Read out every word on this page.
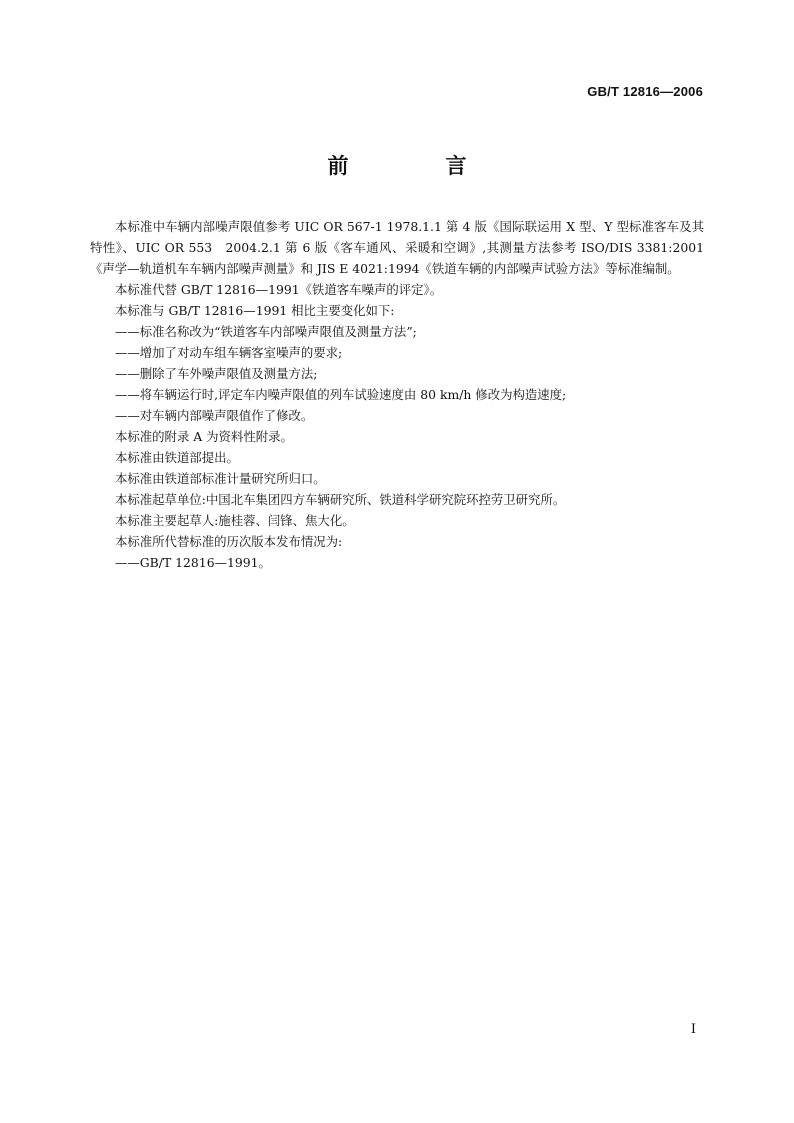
GB/T 12816—2006
前　言

本标准中车辆内部噪声限值参考 UIC OR 567-1 1978.1.1 第 4 版《国际联运用 X 型、Y 型标准客车及其特性》、UIC OR 553　2004.2.1 第 6 版《客车通风、采暖和空调》,其测量方法参考 ISO/DIS 3381:2001《声学—轨道机车车辆内部噪声测量》和 JIS E 4021:1994《铁道车辆的内部噪声试验方法》等标准编制。

本标准代替 GB/T 12816—1991《铁道客车噪声的评定》。

本标准与 GB/T 12816—1991 相比主要变化如下:

——标准名称改为“铁道客车内部噪声限值及测量方法”;

——增加了对动车组车辆客室噪声的要求;

——删除了车外噪声限值及测量方法;

——将车辆运行时,评定车内噪声限值的列车试验速度由 80 km/h 修改为构造速度;

——对车辆内部噪声限值作了修改。

本标准的附录 A 为资料性附录。

本标准由铁道部提出。

本标准由铁道部标准计量研究所归口。

本标准起草单位:中国北车集团四方车辆研究所、铁道科学研究院环控劳卫研究所。

本标准主要起草人:施桂蓉、闫锋、焦大化。

本标准所代替标准的历次版本发布情况为:

——GB/T 12816—1991。

I
